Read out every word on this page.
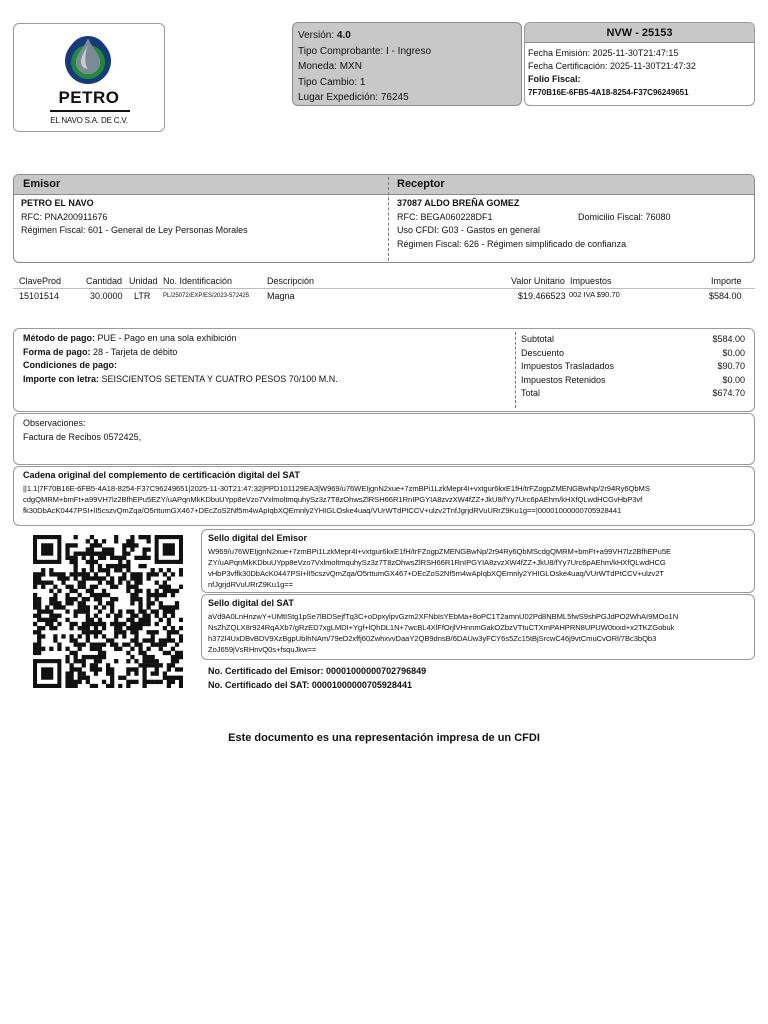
PETRO
EL NAVO S.A. DE C.V.
Versión: 4.0
Tipo Comprobante: I - Ingreso
Moneda: MXN
Tipo Cambio: 1
Lugar Expedición: 76245
NVW - 25153
Fecha Emisión: 2025-11-30T21:47:15
Fecha Certificación: 2025-11-30T21:47:32
Folio Fiscal:
7F70B16E-6FB5-4A18-8254-F37C96249651
Emisor	Receptor
PETRO EL NAVO
RFC: PNA200911676
Régimen Fiscal: 601 - General de Ley Personas Morales
37087 ALDO BREÑA GOMEZ
RFC: BEGA060228DF1	Domicilio Fiscal: 76080
Uso CFDI: G03 - Gastos en general
Régimen Fiscal: 626 - Régimen simplificado de confianza
ClaveProd	Cantidad Unidad No. Identificación	Descripción	Valor Unitario Impuestos	Importe
15101514	30.0000 LTR PL/25072/EXP/ES/2023-572425 Magna	$19.466523 002 IVA $90.70	$584.00
Método de pago: PUE - Pago en una sola exhibición
Forma de pago: 28 - Tarjeta de débito
Condiciones de pago:
Importe con letra: SEISCIENTOS SETENTA Y CUATRO PESOS 70/100 M.N.
Subtotal	$584.00
Descuento	$0.00
Impuestos Trasladados	$90.70
Impuestos Retenidos	$0.00
Total	$674.70
Observaciones:
Factura de Recibos 0572425,
Cadena original del complemento de certificación digital del SAT
||1.1|7F70B16E-6FB5-4A18-8254-F37C96249651|2025-11-30T21:47:32|PPD101129EA3|W969/u76WEIjgnN2xue+7zmBPi1LzkMepr4I+vxtgur6kxE1fH/trFZogpZMENGBwNp/2r94Ry6QbMS
cdgQMRM+bmFt+a99VH7lz2BfhEPu5EZY/uAPqnMkKDbuUYpp8eVzo7VxlmoltmquhySz3z7T8zOhwsZlRSH66R1RnIPGYIA8zvzXW4fZZ+JkU8/fYy7Urc6pAEhm/kHXfQLwdHCGvHbP3vf
fk30DbAcK0447PSI+lI5cszvQmZqa/O5rttumGX467+DEcZoS2Nf5m4wApIqbXQEmnly2YHIGLOske4uaq/VUrWTdPtCCV+ulzv2TnfJgrjdRVuURrZ9Ku1g==|00001000000705928441
Sello digital del Emisor
W969/u76WEIjgnN2xue+7zmBPi1LzkMepr4I+vxtgur6kxE1fH/trFZogpZMENGBwNp/2r94Ry6QbMScdgQMRM+bmFt+a99VH7lz2BfhEPu5E
ZY/uAPqnMkKDbuUYpp8eVzo7VxlmoltmquhySz3z7T8zOhwsZlRSH66R1RnIPGYIA8zvzXW4fZZ+JkU8/fYy7Urc6pAEhm/kHXfQLwdHCG
vHbP3vffk30DbAcK0447PSI+lI5cszvQmZqa/O5rttumGX467+DEcZoS2Nf5m4wApIqbXQEmnly2YHIGLOske4uaq/VUrWTdPtCCV+ulzv2T
nfJgrjdRVuURrZ9Ku1g==
Sello digital del SAT
aVd9A0LnHnzwY+UMtIStg1pSe7lBDSejfTq3C+oDpxylpvGzm2XFNbIsYEbMa+8oPC1T2amnU02Pd8NBML5fwS9shPGJdPO2WhAI9MOo1N
NsZhZQLX8r924RqAXb7/gRzED7xgLMDI+Ygf+lQhDL1N+7wcBL4XlFfOrjlVHnnmGakOZbzVTtuCTXmPAHPRN8UPUW0txxd+x2TKZGobuk
h372l4UxDBvBDV9XzBgpUbIhNAm/79eD2xffj60ZwhxvvDaaY2QB9dnsB/6DAUw3yFCY6s5Zc15tBjSrcwC46j9vtCmuCvORl/7Bc3bQb3
ZoJ659jVsRHnvQ0s+fsquJkw==
No. Certificado del Emisor: 00001000000702796849
No. Certificado del SAT: 00001000000705928441
Este documento es una representación impresa de un CFDI
